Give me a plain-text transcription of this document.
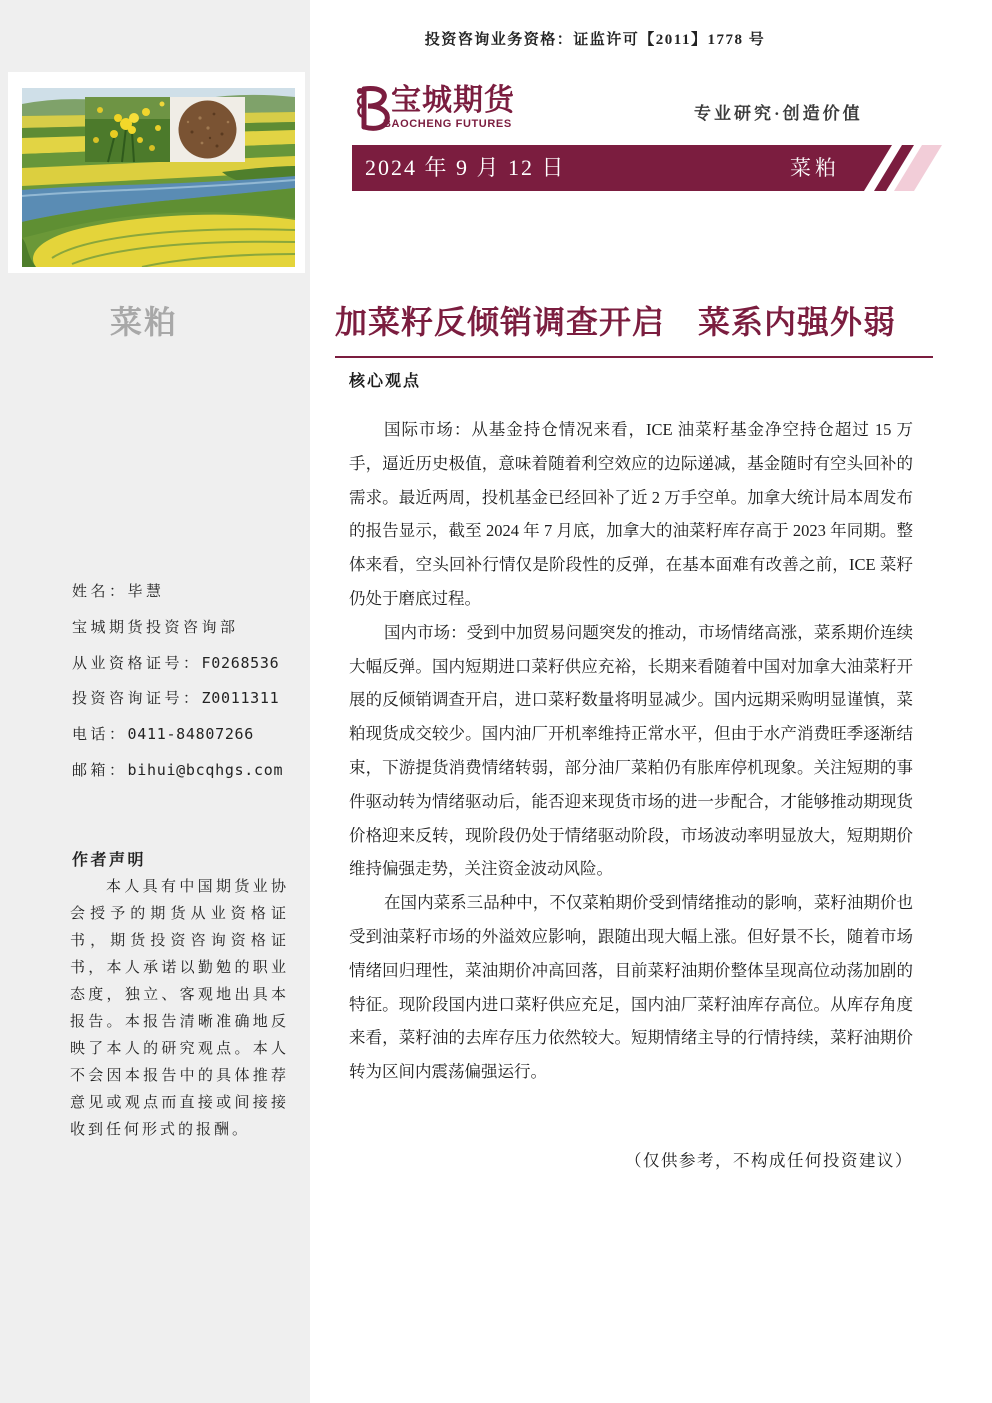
菜粕
姓名：毕慧
宝城期货投资咨询部
从业资格证号：F0268536
投资咨询证号：Z0011311
电话：0411-84807266
邮箱：bihui@bcqhgs.com
作者声明
本人具有中国期货业协会授予的期货从业资格证书，期货投资咨询资格证书，本人承诺以勤勉的职业态度，独立、客观地出具本报告。本报告清晰准确地反映了本人的研究观点。本人不会因本报告中的具体推荐意见或观点而直接或间接接收到任何形式的报酬。
投资咨询业务资格：证监许可【2011】1778 号
宝城期货
BAOCHENG FUTURES
专业研究·创造价值
2024 年 9 月 12 日	菜粕
加菜籽反倾销调查开启　菜系内强外弱
核心观点

国际市场：从基金持仓情况来看，ICE 油菜籽基金净空持仓超过 15 万手，逼近历史极值，意味着随着利空效应的边际递减，基金随时有空头回补的需求。最近两周，投机基金已经回补了近 2 万手空单。加拿大统计局本周发布的报告显示，截至 2024 年 7 月底，加拿大的油菜籽库存高于 2023 年同期。整体来看，空头回补行情仅是阶段性的反弹，在基本面难有改善之前，ICE 菜籽仍处于磨底过程。

国内市场：受到中加贸易问题突发的推动，市场情绪高涨，菜系期价连续大幅反弹。国内短期进口菜籽供应充裕，长期来看随着中国对加拿大油菜籽开展的反倾销调查开启，进口菜籽数量将明显减少。国内远期采购明显谨慎，菜粕现货成交较少。国内油厂开机率维持正常水平，但由于水产消费旺季逐渐结束，下游提货消费情绪转弱，部分油厂菜粕仍有胀库停机现象。关注短期的事件驱动转为情绪驱动后，能否迎来现货市场的进一步配合，才能够推动期现货价格迎来反转，现阶段仍处于情绪驱动阶段，市场波动率明显放大，短期期价维持偏强走势，关注资金波动风险。

在国内菜系三品种中，不仅菜粕期价受到情绪推动的影响，菜籽油期价也受到油菜籽市场的外溢效应影响，跟随出现大幅上涨。但好景不长，随着市场情绪回归理性，菜油期价冲高回落，目前菜籽油期价整体呈现高位动荡加剧的特征。现阶段国内进口菜籽供应充足，国内油厂菜籽油库存高位。从库存角度来看，菜籽油的去库存压力依然较大。短期情绪主导的行情持续，菜籽油期价转为区间内震荡偏强运行。

（仅供参考，不构成任何投资建议）
